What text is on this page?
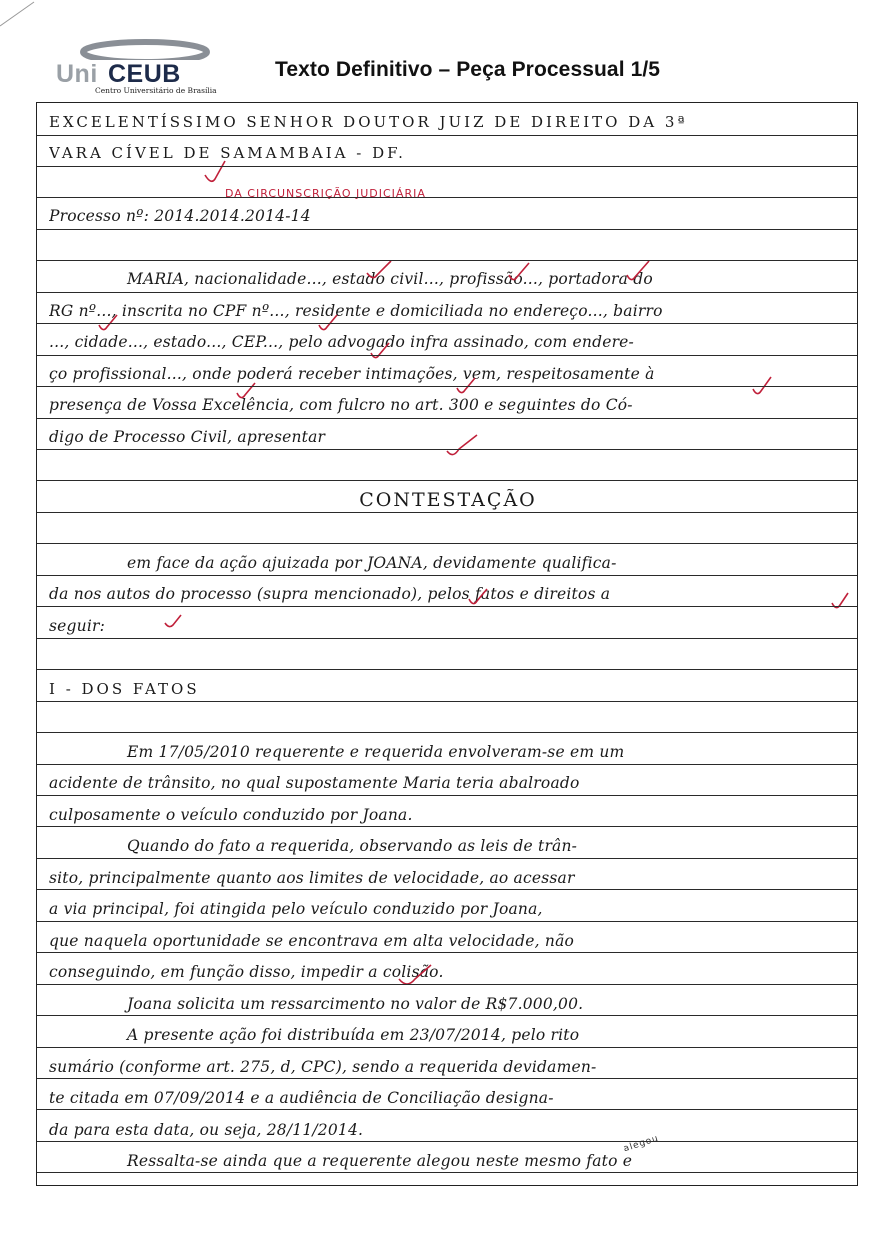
Uni CEUB
Centro Universitário de Brasília
Texto Definitivo – Peça Processual 1/5
EXCELENTÍSSIMO SENHOR DOUTOR JUIZ DE DIREITO DA 3ª
VARA CÍVEL DE SAMAMBAIA - DF.
Processo nº: 2014.2014.2014-14
MARIA, nacionalidade..., estado civil..., profissão..., portadora do
RG nº..., inscrita no CPF nº..., residente e domiciliada no endereço..., bairro
..., cidade..., estado..., CEP..., pelo advogado infra assinado, com endere-
ço profissional..., onde poderá receber intimações, vem, respeitosamente à
presença de Vossa Excelência, com fulcro no art. 300 e seguintes do Có-
digo de Processo Civil, apresentar
CONTESTAÇÃO
em face da ação ajuizada por JOANA, devidamente qualifica-
da nos autos do processo (supra mencionado), pelos fatos e direitos a
seguir:
I - DOS FATOS
Em 17/05/2010 requerente e requerida envolveram-se em um
acidente de trânsito, no qual supostamente Maria teria abalroado
culposamente o veículo conduzido por Joana.
Quando do fato a requerida, observando as leis de trân-
sito, principalmente quanto aos limites de velocidade, ao acessar
a via principal, foi atingida pelo veículo conduzido por Joana,
que naquela oportunidade se encontrava em alta velocidade, não
conseguindo, em função disso, impedir a colisão.
Joana solicita um ressarcimento no valor de R$7.000,00.
A presente ação foi distribuída em 23/07/2014, pelo rito
sumário (conforme art. 275, d, CPC), sendo a requerida devidamen-
te citada em 07/09/2014 e a audiência de Conciliação designa-
da para esta data, ou seja, 28/11/2014.
Ressalta-se ainda que a requerente alegou neste mesmo fato e
DA CIRCUNSCRIÇÃO JUDICIÁRIA
alegou
